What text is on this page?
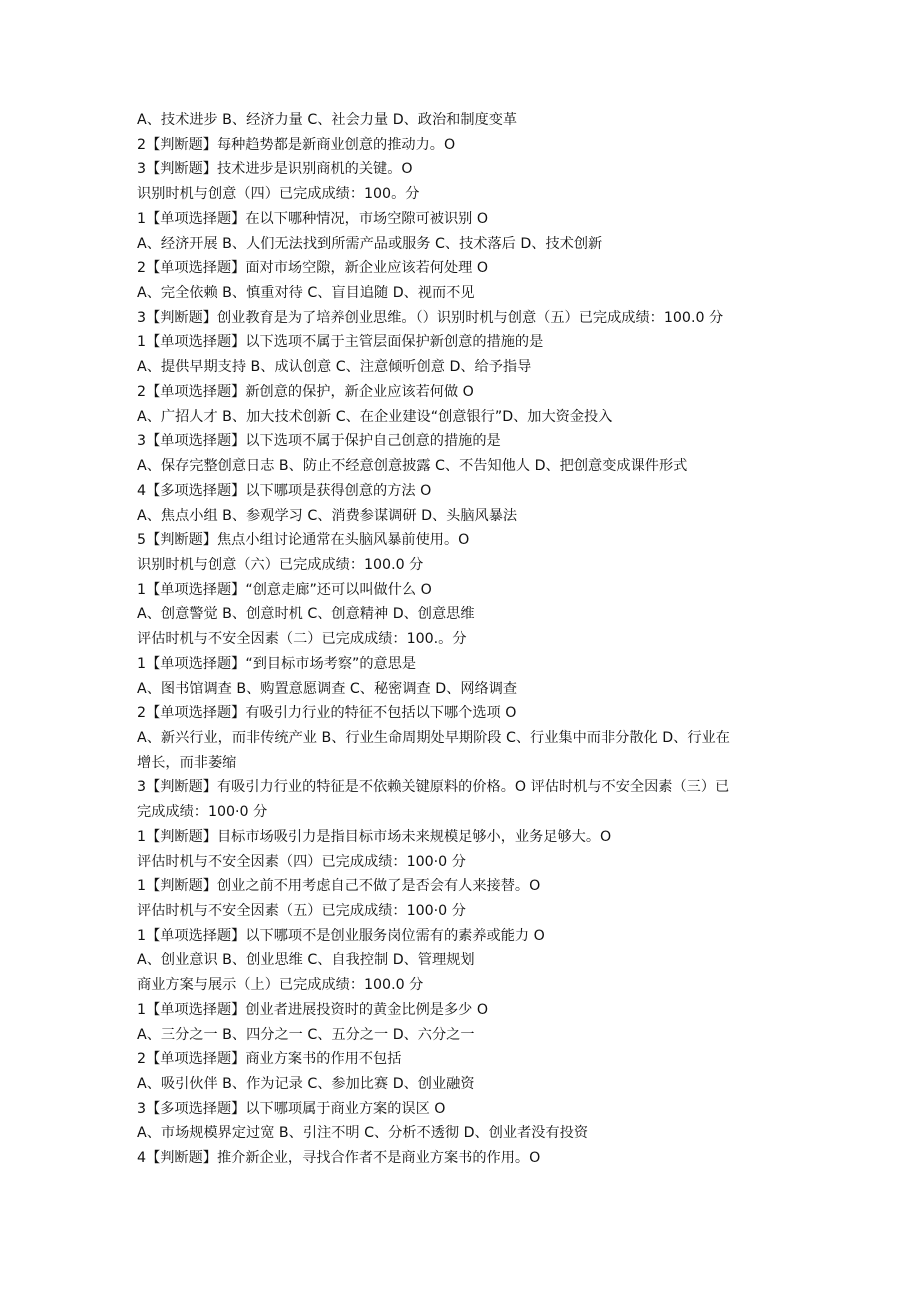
A、技术进步 B、经济力量 C、社会力量 D、政治和制度变革
2【判断题】每种趋势都是新商业创意的推动力。O
3【判断题】技术进步是识别商机的关键。O
识别时机与创意（四）已完成成绩：100。分
1【单项选择题】在以下哪种情况，市场空隙可被识别 O
A、经济开展 B、人们无法找到所需产品或服务 C、技术落后 D、技术创新
2【单项选择题】面对市场空隙，新企业应该若何处理 O
A、完全依赖 B、慎重对待 C、盲目追随 D、视而不见
3【判断题】创业教育是为了培养创业思维。（）识别时机与创意（五）已完成成绩：100.0 分
1【单项选择题】以下选项不属于主管层面保护新创意的措施的是
A、提供早期支持 B、成认创意 C、注意倾听创意 D、给予指导
2【单项选择题】新创意的保护，新企业应该若何做 O
A、广招人才 B、加大技术创新 C、在企业建设“创意银行”D、加大资金投入
3【单项选择题】以下选项不属于保护自己创意的措施的是
A、保存完整创意日志 B、防止不经意创意披露 C、不告知他人 D、把创意变成课件形式
4【多项选择题】以下哪项是获得创意的方法 O
A、焦点小组 B、参观学习 C、消费参谋调研 D、头脑风暴法
5【判断题】焦点小组讨论通常在头脑风暴前使用。O
识别时机与创意（六）已完成成绩：100.0 分
1【单项选择题】“创意走廊”还可以叫做什么 O
A、创意警觉 B、创意时机 C、创意精神 D、创意思维
评估时机与不安全因素（二）已完成成绩：100.。分
1【单项选择题】“到目标市场考察”的意思是
A、图书馆调查 B、购置意愿调查 C、秘密调查 D、网络调查
2【单项选择题】有吸引力行业的特征不包括以下哪个选项 O
A、新兴行业，而非传统产业 B、行业生命周期处早期阶段 C、行业集中而非分散化 D、行业在
增长，而非萎缩
3【判断题】有吸引力行业的特征是不依赖关键原料的价格。O 评估时机与不安全因素（三）已
完成成绩：100·0 分
1【判断题】目标市场吸引力是指目标市场未来规模足够小，业务足够大。O
评估时机与不安全因素（四）已完成成绩：100·0 分
1【判断题】创业之前不用考虑自己不做了是否会有人来接替。O
评估时机与不安全因素（五）已完成成绩：100·0 分
1【单项选择题】以下哪项不是创业服务岗位需有的素养或能力 O
A、创业意识 B、创业思维 C、自我控制 D、管理规划
商业方案与展示（上）已完成成绩：100.0 分
1【单项选择题】创业者进展投资时的黄金比例是多少 O
A、三分之一 B、四分之一 C、五分之一 D、六分之一
2【单项选择题】商业方案书的作用不包括
A、吸引伙伴 B、作为记录 C、参加比赛 D、创业融资
3【多项选择题】以下哪项属于商业方案的误区 O
A、市场规模界定过宽 B、引注不明 C、分析不透彻 D、创业者没有投资
4【判断题】推介新企业，寻找合作者不是商业方案书的作用。O
